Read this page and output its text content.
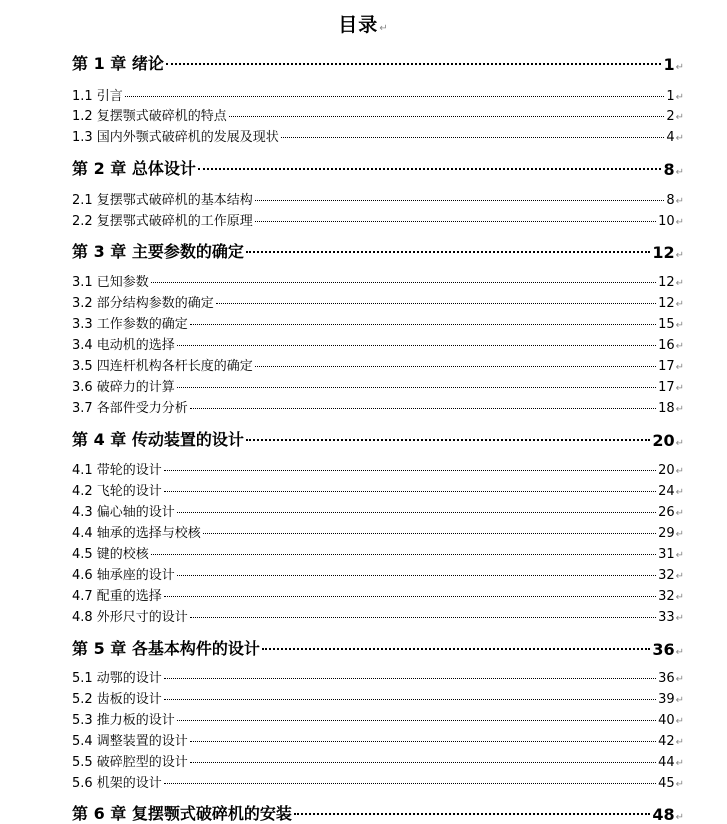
目录↵
第 1 章 绪论	1↵
1.1 引言	1↵
1.2 复摆颚式破碎机的特点	2↵
1.3 国内外颚式破碎机的发展及现状	4↵
第 2 章 总体设计	8↵
2.1 复摆鄂式破碎机的基本结构	8↵
2.2 复摆鄂式破碎机的工作原理	10↵
第 3 章 主要参数的确定	12↵
3.1 已知参数	12↵
3.2 部分结构参数的确定	12↵
3.3 工作参数的确定	15↵
3.4 电动机的选择	16↵
3.5 四连杆机构各杆长度的确定	17↵
3.6 破碎力的计算	17↵
3.7 各部件受力分析	18↵
第 4 章 传动装置的设计	20↵
4.1 带轮的设计	20↵
4.2 飞轮的设计	24↵
4.3 偏心轴的设计	26↵
4.4 轴承的选择与校核	29↵
4.5 键的校核	31↵
4.6 轴承座的设计	32↵
4.7 配重的选择	32↵
4.8 外形尺寸的设计	33↵
第 5 章 各基本构件的设计	36↵
5.1 动鄂的设计	36↵
5.2 齿板的设计	39↵
5.3 推力板的设计	40↵
5.4 调整装置的设计	42↵
5.5 破碎腔型的设计	44↵
5.6 机架的设计	45↵
第 6 章 复摆颚式破碎机的安装	48↵
